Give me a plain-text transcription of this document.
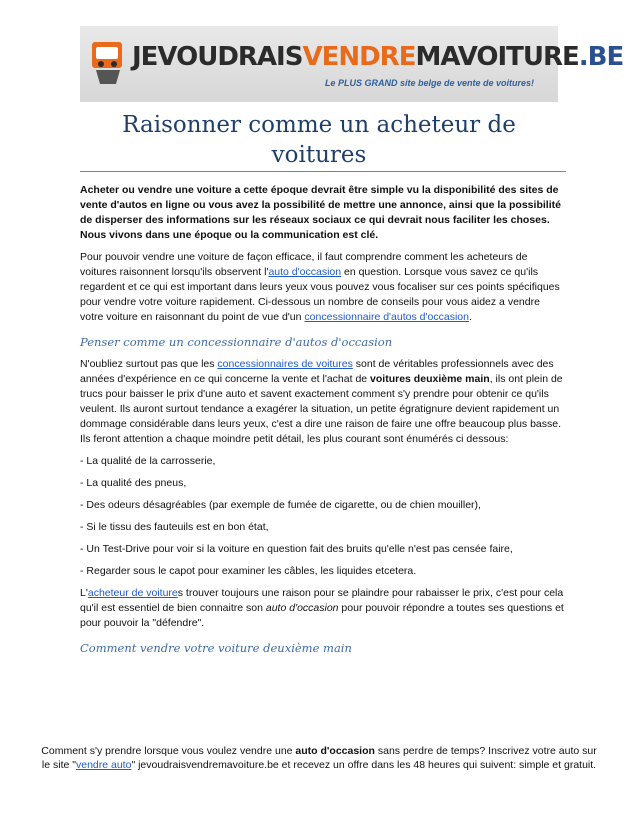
JEVOUDRAISVENDREMAVOITURE.BE
Le PLUS GRAND site belge de vente de voitures!
Raisonner comme un acheteur de voitures

Acheter ou vendre une voiture a cette époque devrait être simple vu la disponibilité des sites de vente d'autos en ligne ou vous avez la possibilité de mettre une annonce, ainsi que la possibilité de disperser des informations sur les réseaux sociaux ce qui devrait nous faciliter les choses. Nous vivons dans une époque ou la communication est clé.

Pour pouvoir vendre une voiture de façon efficace, il faut comprendre comment les acheteurs de voitures raisonnent lorsqu'ils observent l'auto d'occasion en question. Lorsque vous savez ce qu'ils regardent et ce qui est important dans leurs yeux vous pouvez vous focaliser sur ces points spécifiques pour vendre votre voiture rapidement. Ci-dessous un nombre de conseils pour vous aidez a vendre votre voiture en raisonnant du point de vue d'un concessionnaire d'autos d'occasion.

Penser comme un concessionnaire d'autos d'occasion

N'oubliez surtout pas que les concessionnaires de voitures sont de véritables professionnels avec des années d'expérience en ce qui concerne la vente et l'achat de voitures deuxième main, ils ont plein de trucs pour baisser le prix d'une auto et savent exactement comment s'y prendre pour obtenir ce qu'ils veulent. Ils auront surtout tendance a exagérer la situation, un petite égratignure devient rapidement un dommage considérable dans leurs yeux, c'est a dire une raison de faire une offre beaucoup plus basse. Ils feront attention a chaque moindre petit détail, les plus courant sont énumérés ci dessous:

- La qualité de la carrosserie,

- La qualité des pneus,

- Des odeurs désagréables (par exemple de fumée de cigarette, ou de chien mouiller),

- Si le tissu des fauteuils est en bon état,

- Un Test-Drive pour voir si la voiture en question fait des bruits qu'elle n'est pas censée faire,

- Regarder sous le capot pour examiner les câbles, les liquides etcetera.

L'acheteur de voitures trouver toujours une raison pour se plaindre pour rabaisser le prix, c'est pour cela qu'il est essentiel de bien connaitre son auto d'occasion pour pouvoir répondre a toutes ses questions et pour pouvoir la "défendre".

Comment vendre votre voiture deuxième main
Comment s'y prendre lorsque vous voulez vendre une auto d'occasion sans perdre de temps? Inscrivez votre auto sur le site "vendre auto" jevoudraisvendremavoiture.be et recevez un offre dans les 48 heures qui suivent: simple et gratuit.
